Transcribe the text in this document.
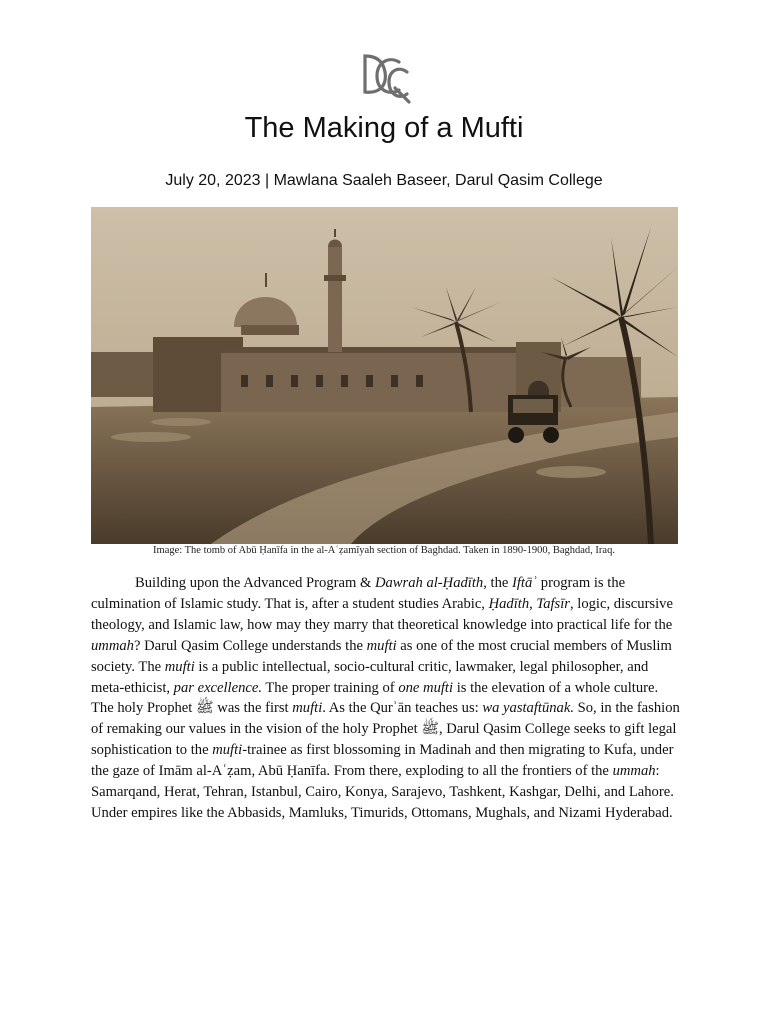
The Making of a Mufti
July 20, 2023 | Mawlana Saaleh Baseer, Darul Qasim College
Image: The tomb of Abū Ḥanīfa in the al-Aʿẓamīyah section of Baghdad. Taken in 1890-1900, Baghdad, Iraq.

Building upon the Advanced Program & Dawrah al-Ḥadīth, the Iftāʾ program is the culmination of Islamic study. That is, after a student studies Arabic, Ḥadīth, Tafsīr, logic, discursive theology, and Islamic law, how may they marry that theoretical knowledge into practical life for the ummah? Darul Qasim College understands the mufti as one of the most crucial members of Muslim society. The mufti is a public intellectual, socio-cultural critic, lawmaker, legal philosopher, and meta-ethicist, par excellence. The proper training of one mufti is the elevation of a whole culture. The holy Prophet ﷺ was the first mufti. As the Qurʾān teaches us: wa yastaftūnak. So, in the fashion of remaking our values in the vision of the holy Prophet ﷺ, Darul Qasim College seeks to gift legal sophistication to the mufti-trainee as first blossoming in Madinah and then migrating to Kufa, under the gaze of Imām al-Aʿẓam, Abū Ḥanīfa. From there, exploding to all the frontiers of the ummah: Samarqand, Herat, Tehran, Istanbul, Cairo, Konya, Sarajevo, Tashkent, Kashgar, Delhi, and Lahore. Under empires like the Abbasids, Mamluks, Timurids, Ottomans, Mughals, and Nizami Hyderabad.
